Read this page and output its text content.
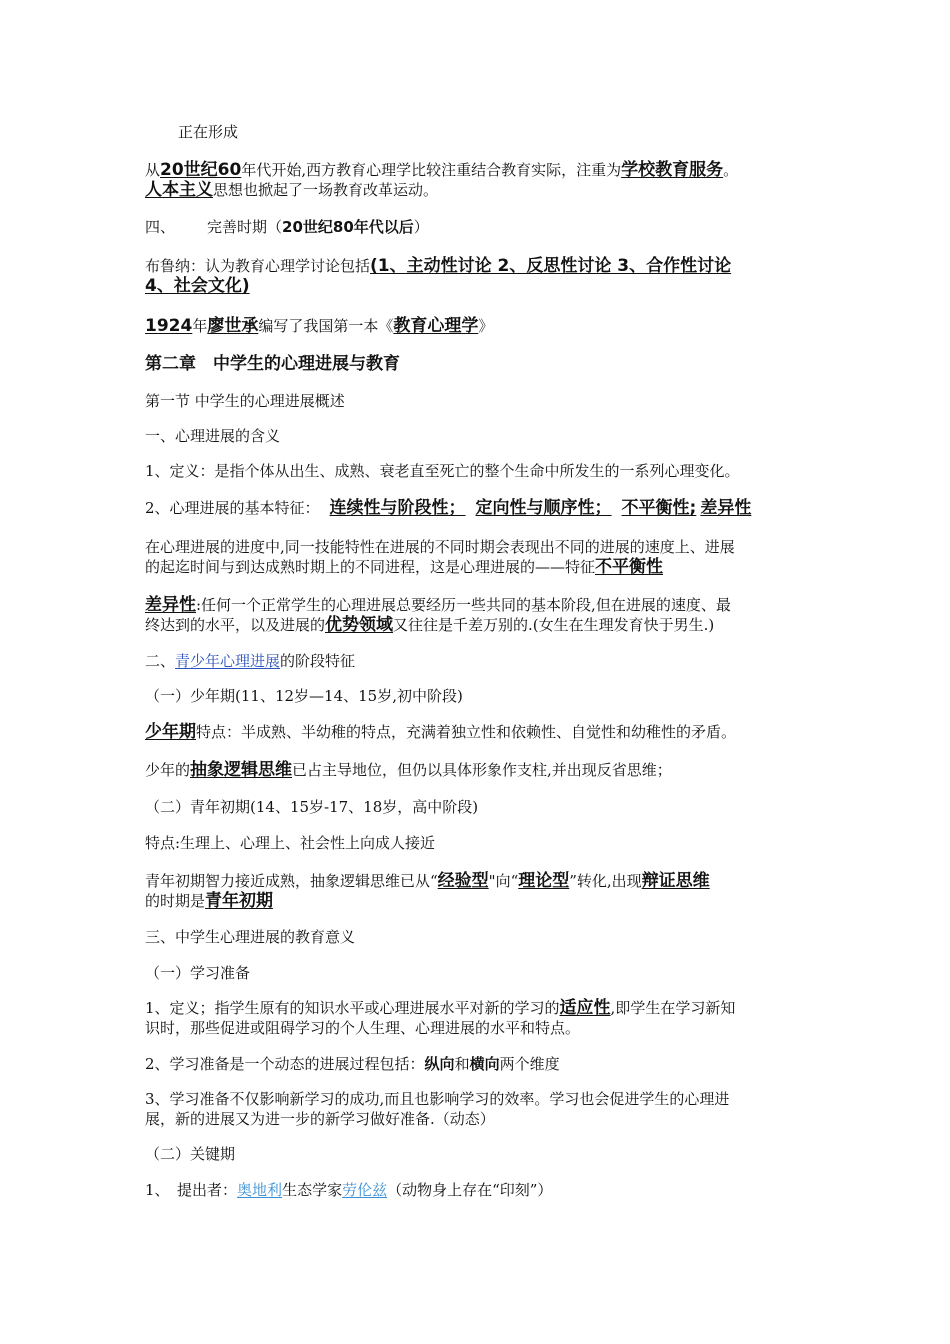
正在形成
从20世纪60年代开始,西方教育心理学比较注重结合教育实际，注重为学校教育服务。
人本主义思想也掀起了一场教育改革运动。
四、 完善时期（20世纪80年代以后）
布鲁纳：认为教育心理学讨论包括(1、主动性讨论 2、反思性讨论 3、合作性讨论
4、社会文化)
1924年廖世承编写了我国第一本《教育心理学》
第二章　中学生的心理进展与教育
第一节 中学生的心理进展概述
一、心理进展的含义
1、定义：是指个体从出生、成熟、衰老直至死亡的整个生命中所发生的一系列心理变化。
2、心理进展的基本特征： 连续性与阶段性； 定向性与顺序性； 不平衡性; 差异性
在心理进展的进度中,同一技能特性在进展的不同时期会表现出不同的进展的速度上、进展
的起迄时间与到达成熟时期上的不同进程，这是心理进展的——特征不平衡性
差异性:任何一个正常学生的心理进展总要经历一些共同的基本阶段,但在进展的速度、最
终达到的水平，以及进展的优势领域又往往是千差万别的.(女生在生理发育快于男生.)
二、青少年心理进展的阶段特征
（一）少年期(11、12岁—14、15岁,初中阶段)
少年期特点：半成熟、半幼稚的特点，充满着独立性和依赖性、自觉性和幼稚性的矛盾。
少年的抽象逻辑思维已占主导地位，但仍以具体形象作支柱,并出现反省思维；
（二）青年初期(14、15岁-17、18岁，高中阶段)
特点:生理上、心理上、社会性上向成人接近
青年初期智力接近成熟，抽象逻辑思维已从“经验型"向“理论型”转化,出现辩证思维
的时期是青年初期
三、中学生心理进展的教育意义
（一）学习准备
1、定义；指学生原有的知识水平或心理进展水平对新的学习的适应性,即学生在学习新知
识时，那些促进或阻碍学习的个人生理、心理进展的水平和特点。
2、学习准备是一个动态的进展过程包括：纵向和横向两个维度
3、学习准备不仅影响新学习的成功,而且也影响学习的效率。学习也会促进学生的心理进
展，新的进展又为进一步的新学习做好准备.（动态）
（二）关键期
1、　提出者：奥地利生态学家劳伦兹（动物身上存在“印刻”）
